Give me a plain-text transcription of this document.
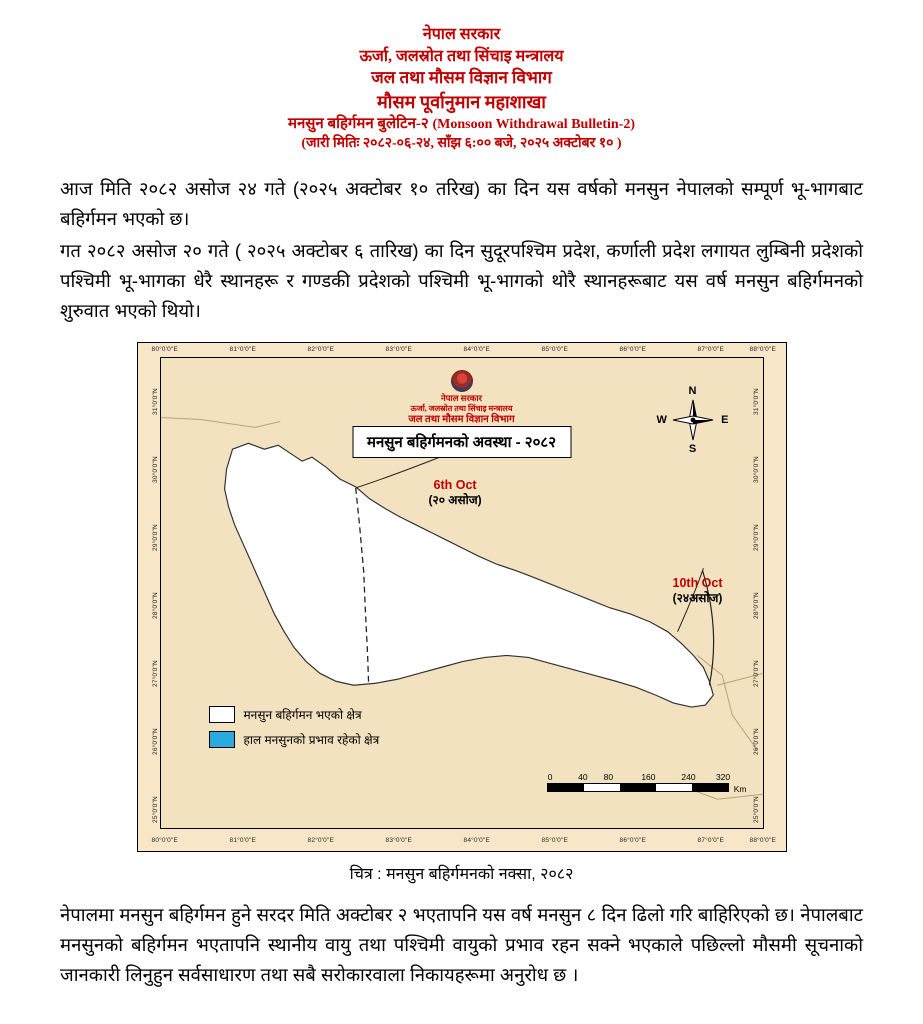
नेपाल सरकार
ऊर्जा, जलस्रोत तथा सिंचाइ मन्त्रालय
जल तथा मौसम विज्ञान विभाग
मौसम पूर्वानुमान महाशाखा
मनसुन बहिर्गमन बुलेटिन-२ (Monsoon Withdrawal Bulletin-2)
(जारी मितिः २०८२-०६-२४, साँझ ६:०० बजे, २०२५ अक्टोबर १० )
आज मिति २०८२ असोज २४ गते (२०२५ अक्टोबर १० तरिख) का दिन यस वर्षको मनसुन नेपालको सम्पूर्ण भू-भागबाट बहिर्गमन भएको छ।
गत २०८२ असोज २० गते ( २०२५ अक्टोबर ६ तारिख) का दिन सुदूरपश्चिम प्रदेश, कर्णाली प्रदेश लगायत लुम्बिनी प्रदेशको पश्चिमी भू-भागका धेरै स्थानहरू र गण्डकी प्रदेशको पश्चिमी भू-भागको थोरै स्थानहरूबाट यस वर्ष मनसुन बहिर्गमनको शुरुवात भएको थियो।
नेपाल सरकार
ऊर्जा, जलस्रोत तथा सिंचाइ मन्त्रालय
जल तथा मौसम विज्ञान विभाग
मनसुन बहिर्गमनको अवस्था - २०८२
N
S
W	E
6th Oct
(२० असोज)
10th Oct
(२४असोज)
मनसुन बहिर्गमन भएको क्षेत्र
हाल मनसुनको प्रभाव रहेको क्षेत्र
0	40 80	160	240 320
Km
80°0'0"E	81°0'0"E	82°0'0"E	83°0'0"E	84°0'0"E	85°0'0"E	86°0'0"E	87°0'0"E	88°0'0"E
80°0'0"E	81°0'0"E	82°0'0"E	83°0'0"E	84°0'0"E	85°0'0"E	86°0'0"E	87°0'0"E	88°0'0"E
31°0'0"N
30°0'0"N
29°0'0"N
28°0'0"N
27°0'0"N
26°0'0"N
25°0'0"N
31°0'0"N
30°0'0"N
29°0'0"N
28°0'0"N
27°0'0"N
26°0'0"N
25°0'0"N
चित्र : मनसुन बहिर्गमनको नक्सा, २०८२
नेपालमा मनसुन बहिर्गमन हुने सरदर मिति अक्टोबर २ भएतापनि यस वर्ष मनसुन ८ दिन ढिलो गरि बाहिरिएको छ। नेपालबाट मनसुनको बहिर्गमन भएतापनि स्थानीय वायु तथा पश्चिमी वायुको प्रभाव रहन सक्ने भएकाले पछिल्लो मौसमी सूचनाको जानकारी लिनुहुन सर्वसाधारण तथा सबै सरोकारवाला निकायहरूमा अनुरोध छ ।
